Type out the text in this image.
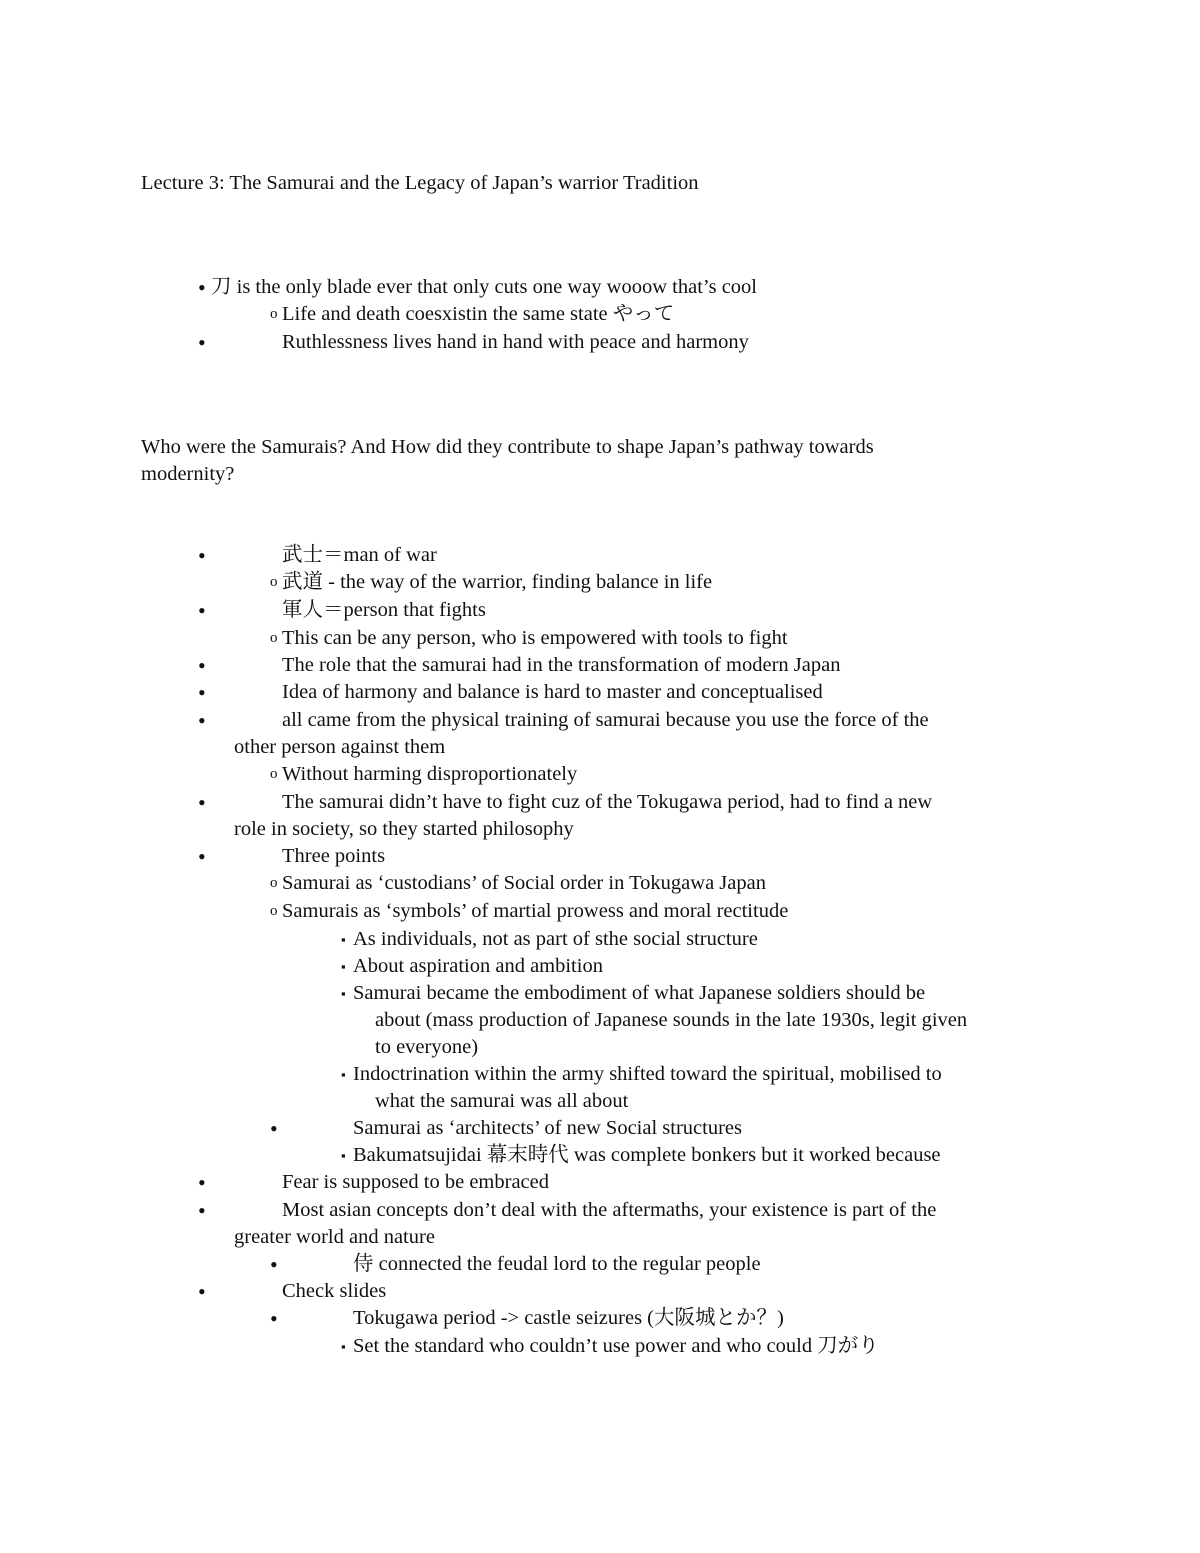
Lecture 3: The Samurai and the Legacy of Japan’s warrior Tradition
• 刀 is the only blade ever that only cuts one way wooow that’s cool
o Life and death coesxistin the same state やって
•	Ruthlessness lives hand in hand with peace and harmony
Who were the Samurais? And How did they contribute to shape Japan’s pathway towards
modernity?
•	武士＝man of war
o 武道 - the way of the warrior, finding balance in life
•	軍人＝person that fights
o This can be any person, who is empowered with tools to fight
•	The role that the samurai had in the transformation of modern Japan
•	Idea of harmony and balance is hard to master and conceptualised
•	all came from the physical training of samurai because you use the force of the
other person against them
o Without harming disproportionately
•	The samurai didn’t have to fight cuz of the Tokugawa period, had to find a new
role in society, so they started philosophy
•	Three points
o Samurai as ‘custodians’ of Social order in Tokugawa Japan
o Samurais as ‘symbols’ of martial prowess and moral rectitude
▪ As individuals, not as part of sthe social structure
▪ About aspiration and ambition
▪ Samurai became the embodiment of what Japanese soldiers should be
about (mass production of Japanese sounds in the late 1930s, legit given
to everyone)
▪ Indoctrination within the army shifted toward the spiritual, mobilised to
what the samurai was all about
•	Samurai as ‘architects’ of new Social structures
▪ Bakumatsujidai 幕末時代 was complete bonkers but it worked because
•	Fear is supposed to be embraced
•	Most asian concepts don’t deal with the aftermaths, your existence is part of the
greater world and nature
•	侍 connected the feudal lord to the regular people
•	Check slides
•	Tokugawa period -> castle seizures (大阪城とか？)
▪ Set the standard who couldn’t use power and who could 刀がり
